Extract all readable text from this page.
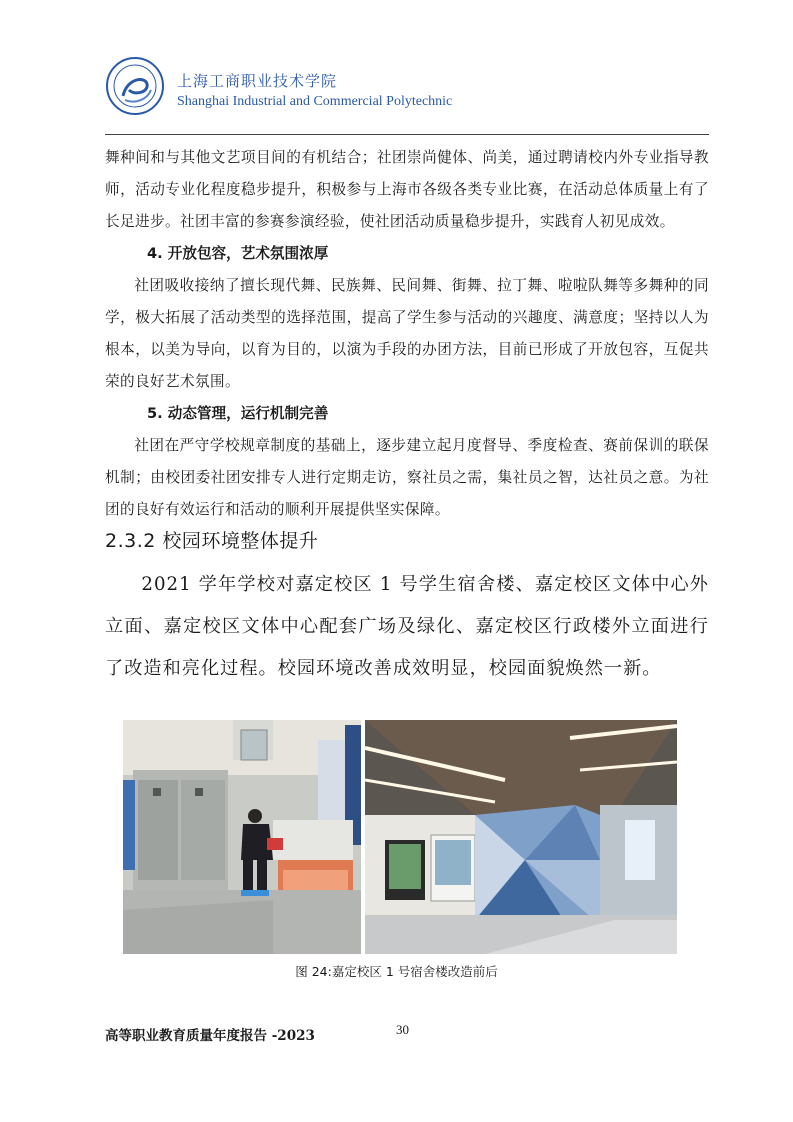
上海工商职业技术学院
Shanghai Industrial and Commercial Polytechnic

舞种间和与其他文艺项目间的有机结合；社团崇尚健体、尚美，通过聘请校内外专业指导教师，活动专业化程度稳步提升，积极参与上海市各级各类专业比赛，在活动总体质量上有了长足进步。社团丰富的参赛参演经验，使社团活动质量稳步提升，实践育人初见成效。

4. 开放包容，艺术氛围浓厚

社团吸收接纳了擅长现代舞、民族舞、民间舞、街舞、拉丁舞、啦啦队舞等多舞种的同学，极大拓展了活动类型的选择范围，提高了学生参与活动的兴趣度、满意度；坚持以人为根本，以美为导向，以育为目的，以演为手段的办团方法，目前已形成了开放包容，互促共荣的良好艺术氛围。

5. 动态管理，运行机制完善

社团在严守学校规章制度的基础上，逐步建立起月度督导、季度检查、赛前保训的联保机制；由校团委社团安排专人进行定期走访，察社员之需，集社员之智，达社员之意。为社团的良好有效运行和活动的顺利开展提供坚实保障。

2.3.2 校园环境整体提升

2021 学年学校对嘉定校区 1 号学生宿舍楼、嘉定校区文体中心外立面、嘉定校区文体中心配套广场及绿化、嘉定校区行政楼外立面进行了改造和亮化过程。校园环境改善成效明显，校园面貌焕然一新。

图 24:嘉定校区 1 号宿舍楼改造前后
高等职业教育质量年度报告 -2023	30
